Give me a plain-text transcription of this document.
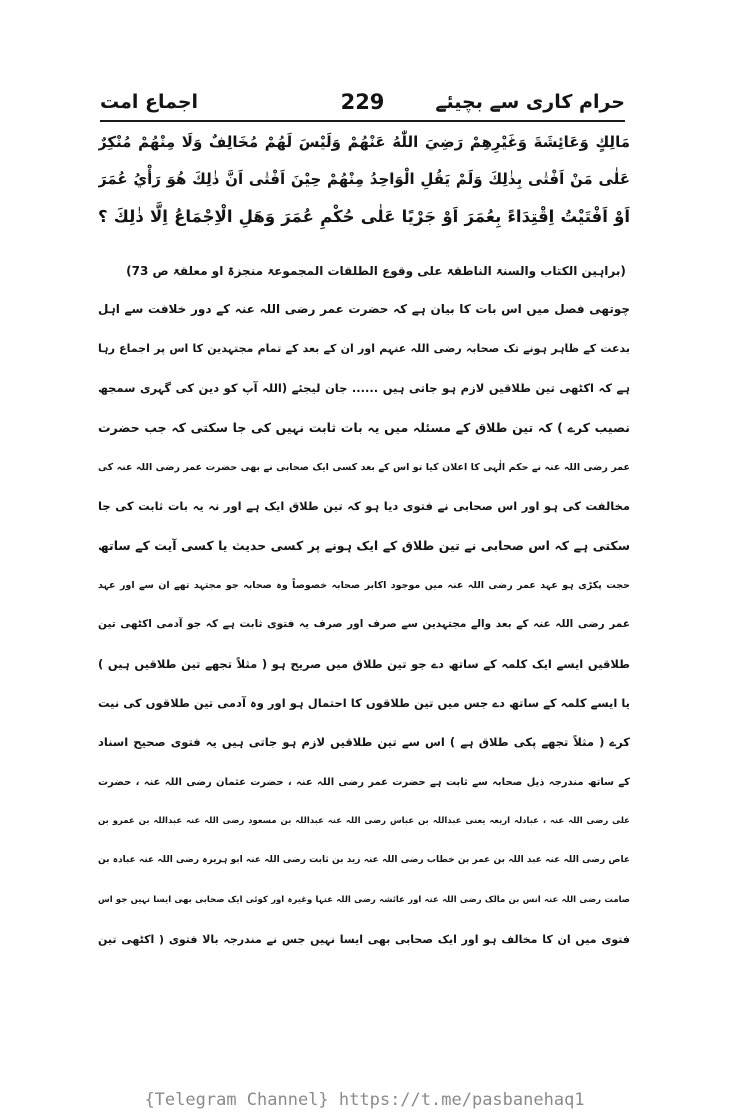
حرام کاری سے بچیئے
229
اجماع امت
مَالِكٍ وَعَائِشَةَ وَغَيْرِهِمْ رَضِيَ اللّٰهُ عَنْهُمْ وَلَيْسَ لَهُمْ مُخَالِفٌ وَلَا مِنْهُمْ مُنْكِرٌ
عَلٰى مَنْ اَفْتٰى بِذٰلِكَ وَلَمْ يَقُلِ الْوَاحِدُ مِنْهُمْ حِيْنَ اَفْتٰى اَنَّ ذٰلِكَ هُوَ رَأْيُ عُمَرَ
اَوْ اَفْتَيْتُ اِقْتِدَاءً بِعُمَرَ اَوْ جَرْيًا عَلٰى حُكْمِ عُمَرَ وَهَلِ الْاِجْمَاعُ اِلَّا ذٰلِكَ ؟
(براہین الکتاب والسنۃ الناطقۃ علی وقوع الطلقات المجموعۃ منجزۃ او معلقۃ ص 73)
چوتھی فصل میں اس بات کا بیان ہے کہ حضرت عمر رضی اللہ عنہ کے دور خلافت سے اہل
بدعت کے ظاہر ہونے تک صحابہ رضی اللہ عنہم اور ان کے بعد کے تمام مجتہدین کا اس پر اجماع رہا
ہے کہ اکٹھی تین طلاقیں لازم ہو جاتی ہیں ...... جان لیجئے (اللہ آپ کو دین کی گہری سمجھ
نصیب کرے ) کہ تین طلاق کے مسئلہ میں یہ بات ثابت نہیں کی جا سکتی کہ جب حضرت
عمر رضی اللہ عنہ نے حکم الٰہی کا اعلان کیا تو اس کے بعد کسی ایک صحابی نے بھی حضرت عمر رضی اللہ عنہ کی
مخالفت کی ہو اور اس صحابی نے فتوی دیا ہو کہ تین طلاق ایک ہے اور نہ یہ بات ثابت کی جا
سکتی ہے کہ اس صحابی نے تین طلاق کے ایک ہونے پر کسی حدیث یا کسی آیت کے ساتھ
حجت پکڑی ہو عہد عمر رضی اللہ عنہ میں موجود اکابر صحابہ خصوصاً وہ صحابہ جو مجتہد تھے ان سے اور عہد
عمر رضی اللہ عنہ کے بعد والے مجتہدین سے صرف اور صرف یہ فتوی ثابت ہے کہ جو آدمی اکٹھی تین
طلاقیں ایسے ایک کلمہ کے ساتھ دے جو تین طلاق میں صریح ہو ( مثلاً تجھے تین طلاقیں ہیں )
یا ایسے کلمہ کے ساتھ دے جس میں تین طلاقوں کا احتمال ہو اور وہ آدمی تین طلاقوں کی نیت
کرے ( مثلاً تجھے پکی طلاق ہے ) اس سے تین طلاقیں لازم ہو جاتی ہیں یہ فتوی صحیح اسناد
کے ساتھ مندرجہ ذیل صحابہ سے ثابت ہے حضرت عمر رضی اللہ عنہ ، حضرت عثمان رضی اللہ عنہ ، حضرت
علی رضی اللہ عنہ ، عبادلہ اربعہ یعنی عبداللہ بن عباس رضی اللہ عنہ عبداللہ بن مسعود رضی اللہ عنہ عبداللہ بن عمرو بن
عاص رضی اللہ عنہ عبد اللہ بن عمر بن خطاب رضی اللہ عنہ زید بن ثابت رضی اللہ عنہ ابو ہریرہ رضی اللہ عنہ عبادہ بن
صامت رضی اللہ عنہ انس بن مالک رضی اللہ عنہ اور عائشہ رضی اللہ عنہا وغیرہ اور کوئی ایک صحابی بھی ایسا نہیں جو اس
فتوی میں ان کا مخالف ہو اور ایک صحابی بھی ایسا نہیں جس نے مندرجہ بالا فتوی ( اکٹھی تین
{Telegram Channel} https://t.me/pasbanehaq1
